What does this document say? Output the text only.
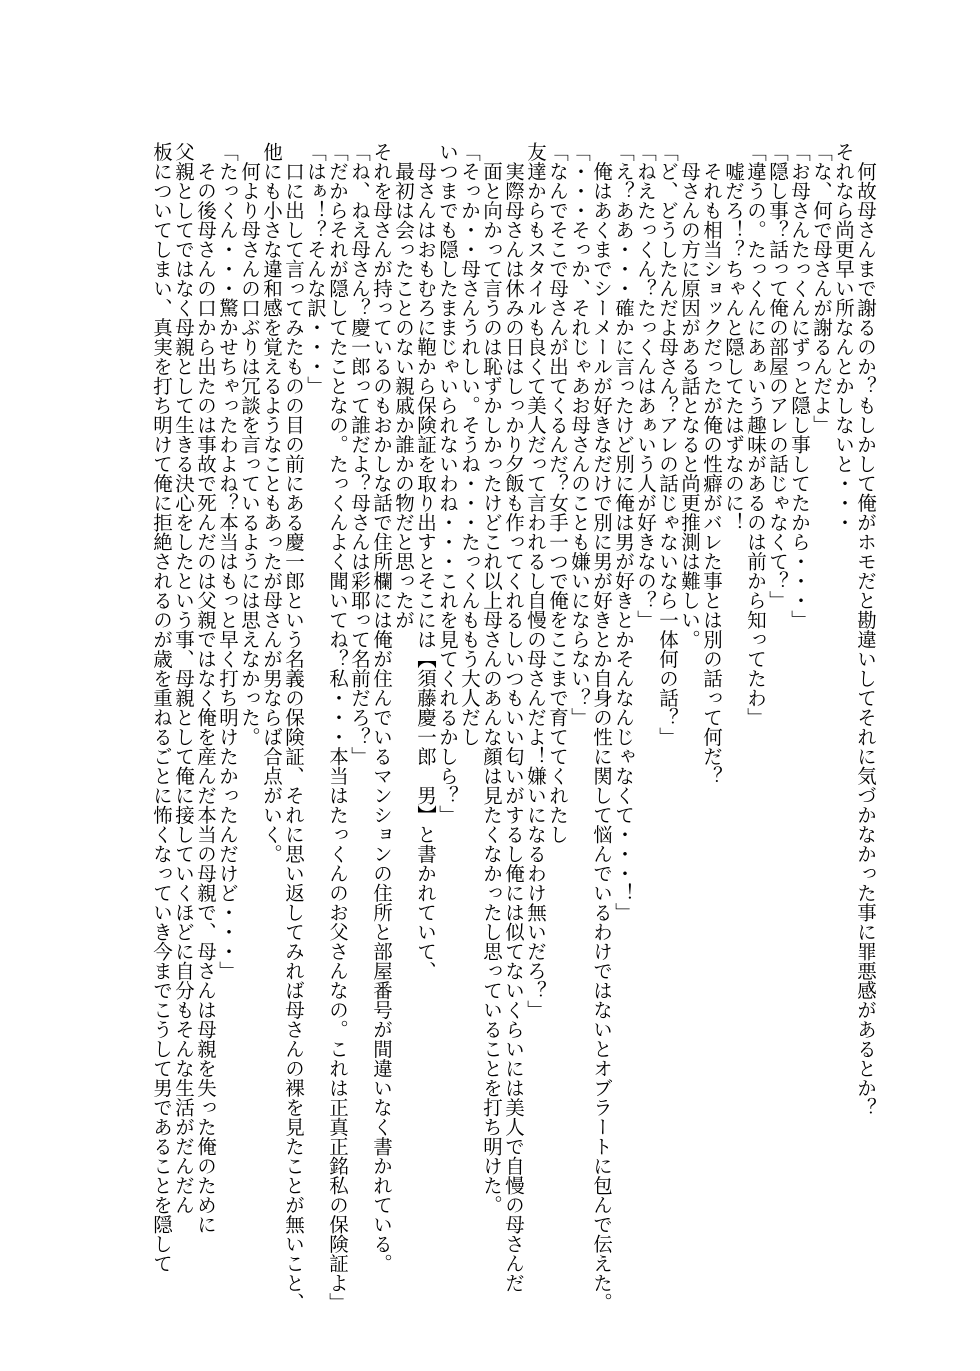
　何故母さんまで謝るのか？もしかして俺がホモだと勘違いしてそれに気づかなかった事に罪悪感があるとか？
それなら尚更早い所なんとかしないと・・・
「な、何で母さんが謝るんだよ」
「お母さんたっくんにずっと隠し事してたから・・・」
「隠し事？話って俺の部屋のアレの話じゃなくて？」
「違うの。たっくんにあぁいう趣味があるのは前から知ってたわ」
　嘘だろ！？ちゃんと隠してたはずなのに！
　それも相当ショックだったが俺の性癖がバレた事とは別の話って何だ？
　母さんの方に原因がある話となると尚更推測は難しい。
「ど、どうしたんだよ母さん？アレの話じゃないなら一体何の話？」
「ねえたっくん？たっくんはあぁいう人が好きなの？」
「え？ああ・・・確かに言ったけど別に俺は男が好きとかそんなんじゃなくて・・・！」
　俺はあくまでシーメールが好きなだけで別に男が好きとか自身の性に関して悩んでいるわけではないとオブラートに包んで伝えた。
「・・・そっか、それじゃあお母さんのことも嫌いにならない？」
「なんでそこで母さんが出てくるんだ？女手一つで俺をここまで育ててくれたし
友達からもスタイルも良くて美人だって言われるし自慢の母さんだよ！嫌いになるわけ無いだろ？」
　実際母さんは休みの日はしっかり夕飯も作ってくれるしいつもいい匂いがするし俺には似てないくらいには美人で自慢の母さんだ
　面と向かって言うのは恥ずかしかったけどこれ以上母さんのあんな顔は見たくなかったし思っていることを打ち明けた。
「そっか・・母さんうれしい。そうね・・・たっくんももう大人だし
いつまでも隠したままじゃいられないわね・・・これを見てくれるかしら？」
　母さんはおもむろに鞄から保険証を取り出すとそこには【須藤慶一郎　男】と書かれていて、
　最初は会ったことのない親戚か誰かの物だと思ったが
それを母さんが持っているのもおかしな話で住所欄には俺が住んでいるマンションの住所と部屋番号が間違いなく書かれている。
「ね、ねえ母さん？慶一郎って誰だよ？母さんは彩耶って名前だろ？」
「だからそれが隠してたことなの。たっくんよく聞いてね？私・・・本当はたっくんのお父さんなの。これは正真正銘私の保険証よ」
「はぁ！？そんな訳・・・」
　口に出して言ってみたものの目の前にある慶一郎という名義の保険証、それに思い返してみれば母さんの裸を見たことが無いこと、
他にも小さな違和感を覚えるようなこともあったが母さんが男ならば合点がいく。
　何より母さんの口ぶりは冗談を言っているようには思えなかった。
「たっくん・・・驚かせちゃったわよね？本当はもっと早く打ち明けたかったんだけど・・・」
　その後母さんの口から出たのは事故で死んだのは父親ではなく俺を産んだ本当の母親で、母さんは母親を失った俺のために
父親としてではなく母親として生きる決心をしたという事、母親として俺に接していくほどに自分もそんな生活がだんだん
板についてしまい、真実を打ち明けて俺に拒絶されるのが歳を重ねるごとに怖くなっていき今までこうして男であることを隠して
